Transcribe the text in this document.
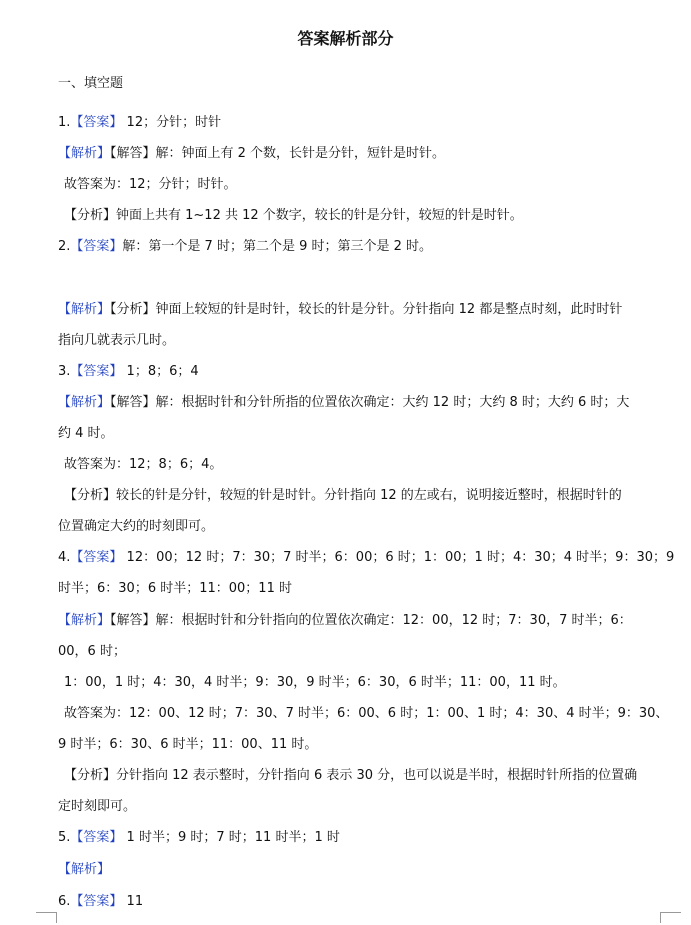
答案解析部分
一、填空题
1.【答案】 12；分针；时针
【解析】【解答】解：钟面上有 2 个数，长针是分针，短针是时针。
故答案为：12；分针；时针。
【分析】钟面上共有 1~12 共 12 个数字，较长的针是分针，较短的针是时针。
2.【答案】解：第一个是 7 时；第二个是 9 时；第三个是 2 时。
【解析】【分析】钟面上较短的针是时针，较长的针是分针。分针指向 12 都是整点时刻，此时时针
指向几就表示几时。
3.【答案】 1；8；6；4
【解析】【解答】解：根据时针和分针所指的位置依次确定：大约 12 时；大约 8 时；大约 6 时；大
约 4 时。
故答案为：12；8；6；4。
【分析】较长的针是分针，较短的针是时针。分针指向 12 的左或右，说明接近整时，根据时针的
位置确定大约的时刻即可。
4.【答案】 12：00；12 时；7：30；7 时半；6：00；6 时；1：00；1 时；4：30；4 时半；9：30；9
时半；6：30；6 时半；11：00；11 时
【解析】【解答】解：根据时针和分针指向的位置依次确定：12：00，12 时；7：30，7 时半；6：
00，6 时；
1：00，1 时；4：30，4 时半；9：30，9 时半；6：30，6 时半；11：00，11 时。
故答案为：12：00、12 时；7：30、7 时半；6：00、6 时；1：00、1 时；4：30、4 时半；9：30、
9 时半；6：30、6 时半；11：00、11 时。
【分析】分针指向 12 表示整时，分针指向 6 表示 30 分，也可以说是半时，根据时针所指的位置确
定时刻即可。
5.【答案】 1 时半；9 时；7 时；11 时半；1 时
【解析】
6.【答案】 11
